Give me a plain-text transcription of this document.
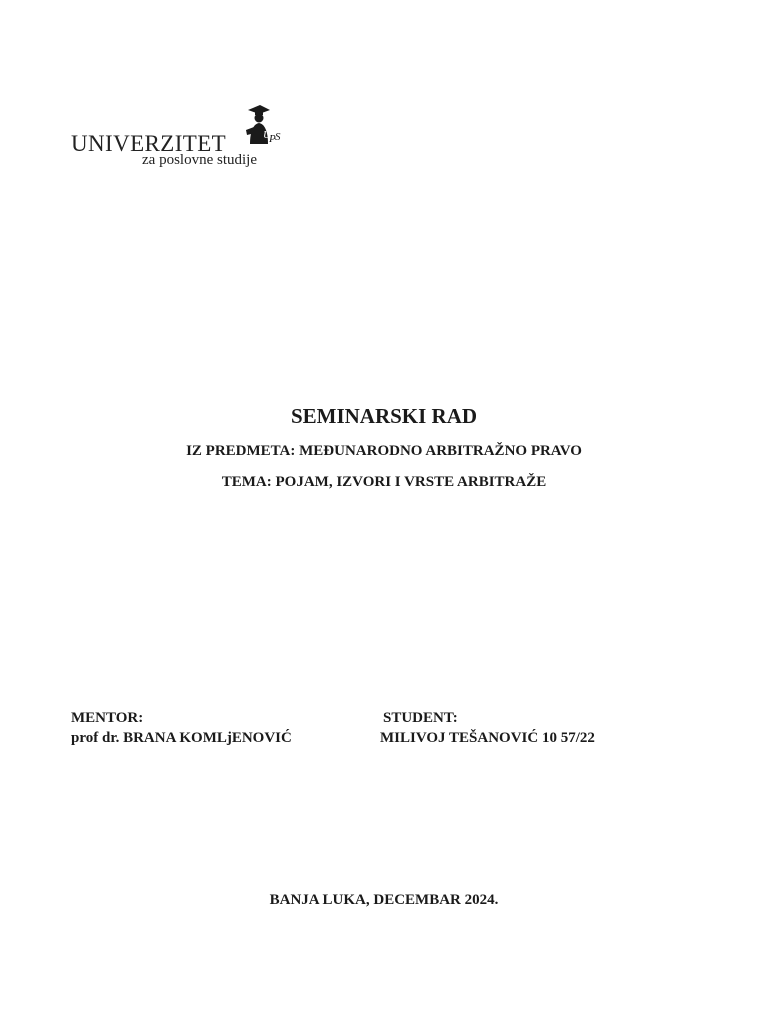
UNIVERZITET
za poslovne studije
U
P S
SEMINARSKI RAD
IZ PREDMETA: MEĐUNARODNO ARBITRAŽNO PRAVO
TEMA: POJAM, IZVORI I VRSTE ARBITRAŽE
MENTOR:
prof dr. BRANA KOMLjENOVIĆ
STUDENT:
MILIVOJ TEŠANOVIĆ 10 57/22
BANJA LUKA, DECEMBAR 2024.
